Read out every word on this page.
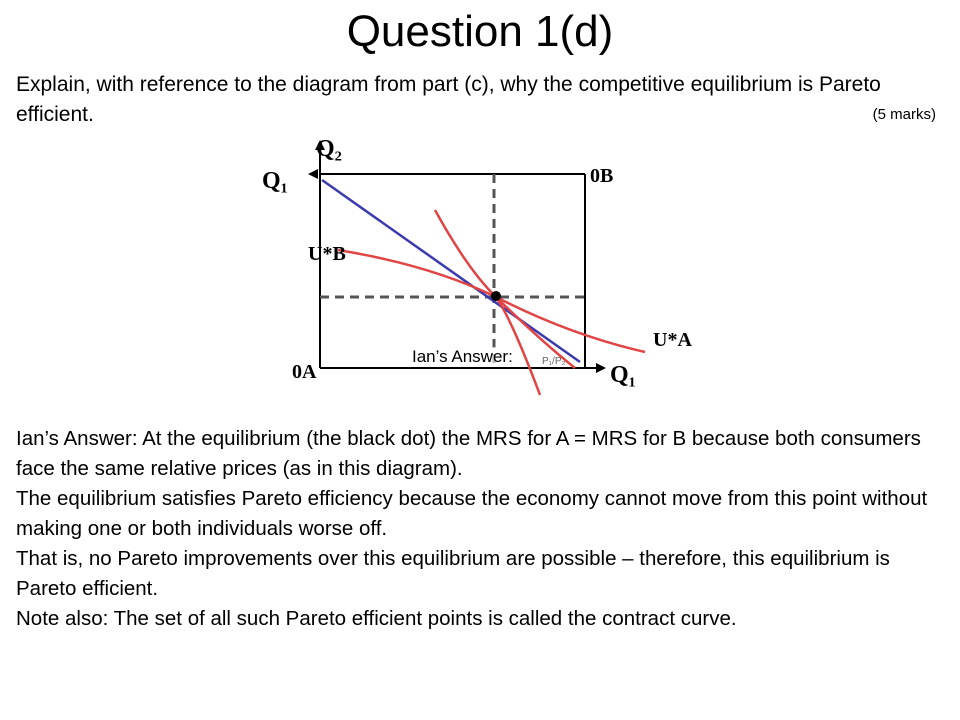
Question 1(d)
Explain, with reference to the diagram from part (c), why the competitive equilibrium is Pareto efficient.	(5 marks)
Q₂
Q₁	0B
U*B
U*A
0A	Q₁
P₁/P₂
Ian’s Answer:

Ian’s Answer: At the equilibrium (the black dot) the MRS for A = MRS for B because both consumers face the same relative prices (as in this diagram).

The equilibrium satisfies Pareto efficiency because the economy cannot move from this point without making one or both individuals worse off.

That is, no Pareto improvements over this equilibrium are possible – therefore, this equilibrium is Pareto efficient.

Note also: The set of all such Pareto efficient points is called the contract curve.
